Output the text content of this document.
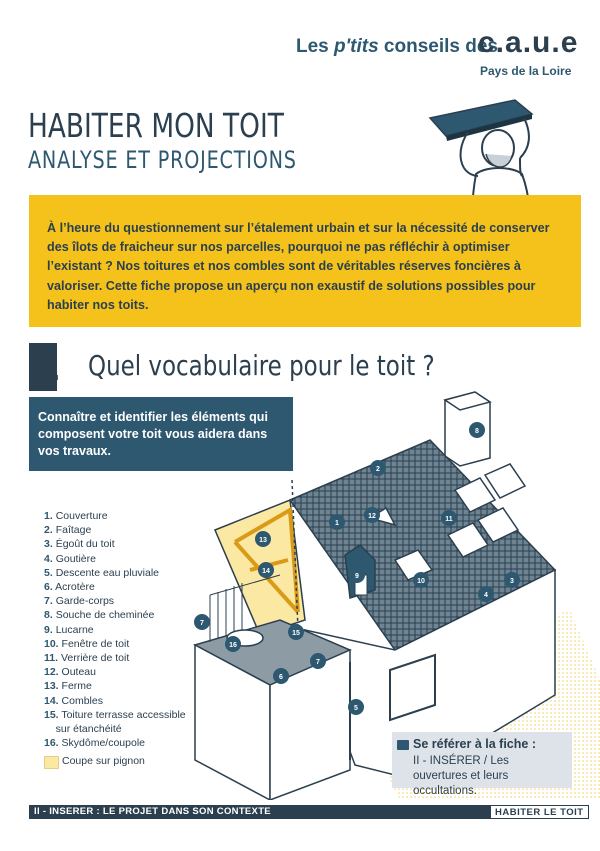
Les p'tits conseils des
c.a.u.e
Pays de la Loire
HABITER MON TOIT
ANALYSE ET PROJECTIONS
À l’heure du questionnement sur l’étalement urbain et sur la nécessité de conserver des îlots de fraicheur sur nos parcelles, pourquoi ne pas réfléchir à optimiser l’existant ? Nos toitures et nos combles sont de véritables réserves foncières à valoriser. Cette fiche propose un aperçu non exaustif de solutions possibles pour habiter nos toits.
1 Quel vocabulaire pour le toit ?
Connaître et identifier les éléments qui composent votre toit vous aidera dans vos travaux.
1. Couverture
2. Faîtage
3. Égoût du toit
4. Goutière
5. Descente eau pluviale
6. Acrotère
7. Garde-corps
8. Souche de cheminée
9. Lucarne
10. Fenêtre de toit
11. Verrière de toit
12. Outeau
13. Ferme
14. Combles
15. Toiture terrasse accessible
sur étanchéité
16. Skydôme/coupole
Coupe sur pignon
1
2
3
4
5
6
7
7
8
9
10
11
12
13
14
15
16
Se référer à la fiche :
II - INSÉRER / Les ouvertures et leurs occultations.
II - INSERER : LE PROJET DANS SON CONTEXTE	HABITER LE TOIT
